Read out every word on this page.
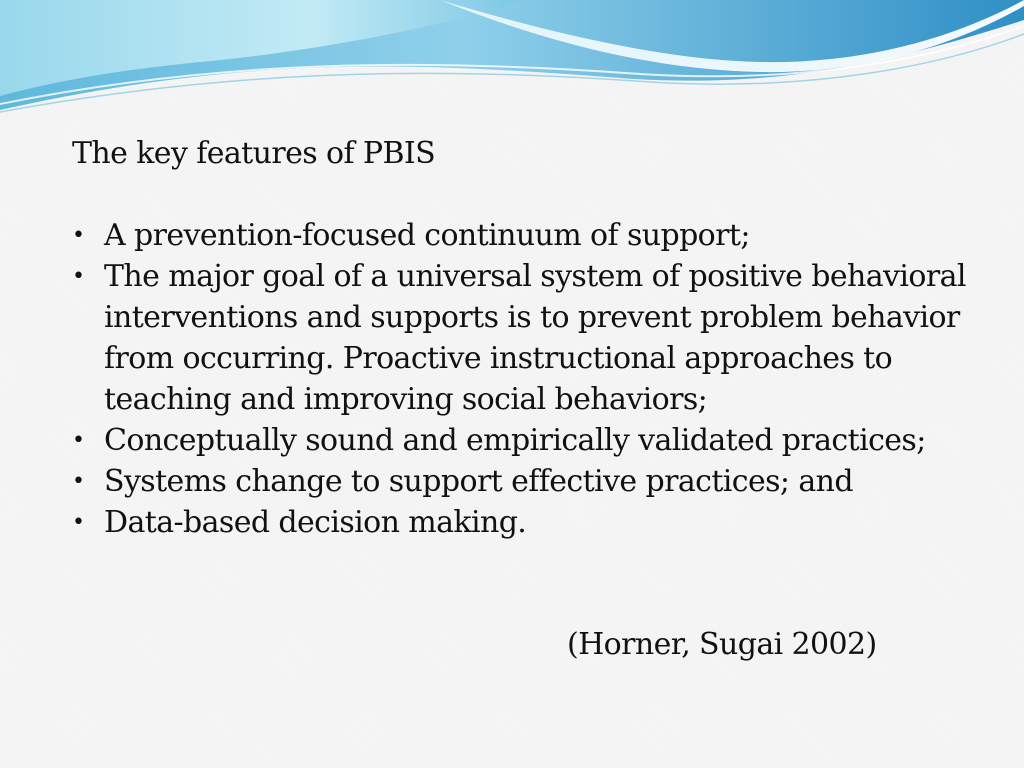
The key features of PBIS
• A prevention-focused continuum of support;
• The major goal of a universal system of positive behavioral interventions and supports is to prevent problem behavior from occurring. Proactive instructional approaches to teaching and improving social behaviors;
• Conceptually sound and empirically validated practices;
• Systems change to support effective practices; and
• Data-based decision making.
(Horner, Sugai 2002)
